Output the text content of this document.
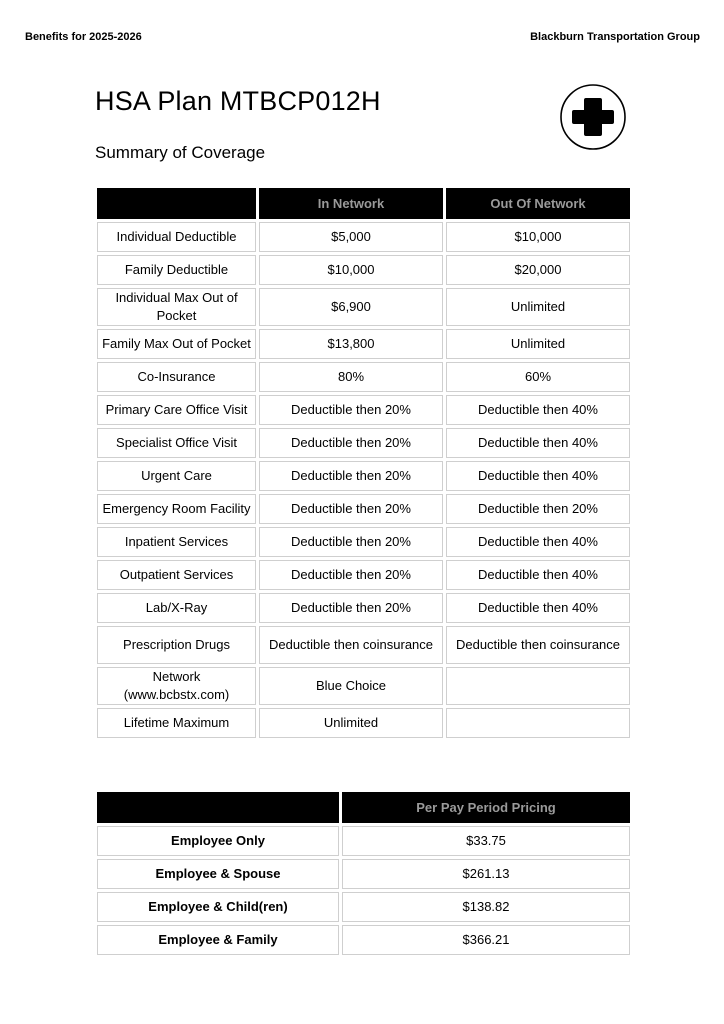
Benefits for 2025-2026	Blackburn Transportation Group
HSA Plan MTBCP012H
Summary of Coverage
	In Network	Out Of Network
Individual Deductible	$5,000	$10,000
Family Deductible	$10,000	$20,000
Individual Max Out of Pocket	$6,900	Unlimited
Family Max Out of Pocket	$13,800	Unlimited
Co-Insurance	80%	60%
Primary Care Office Visit	Deductible then 20%	Deductible then 40%
Specialist Office Visit	Deductible then 20%	Deductible then 40%
Urgent Care	Deductible then 20%	Deductible then 40%
Emergency Room Facility	Deductible then 20%	Deductible then 20%
Inpatient Services	Deductible then 20%	Deductible then 40%
Outpatient Services	Deductible then 20%	Deductible then 40%
Lab/X-Ray	Deductible then 20%	Deductible then 40%
Prescription Drugs	Deductible then coinsurance	Deductible then coinsurance
Network (www.bcbstx.com)	Blue Choice	
Lifetime Maximum	Unlimited	
	Per Pay Period Pricing
Employee Only	$33.75
Employee & Spouse	$261.13
Employee & Child(ren)	$138.82
Employee & Family	$366.21
